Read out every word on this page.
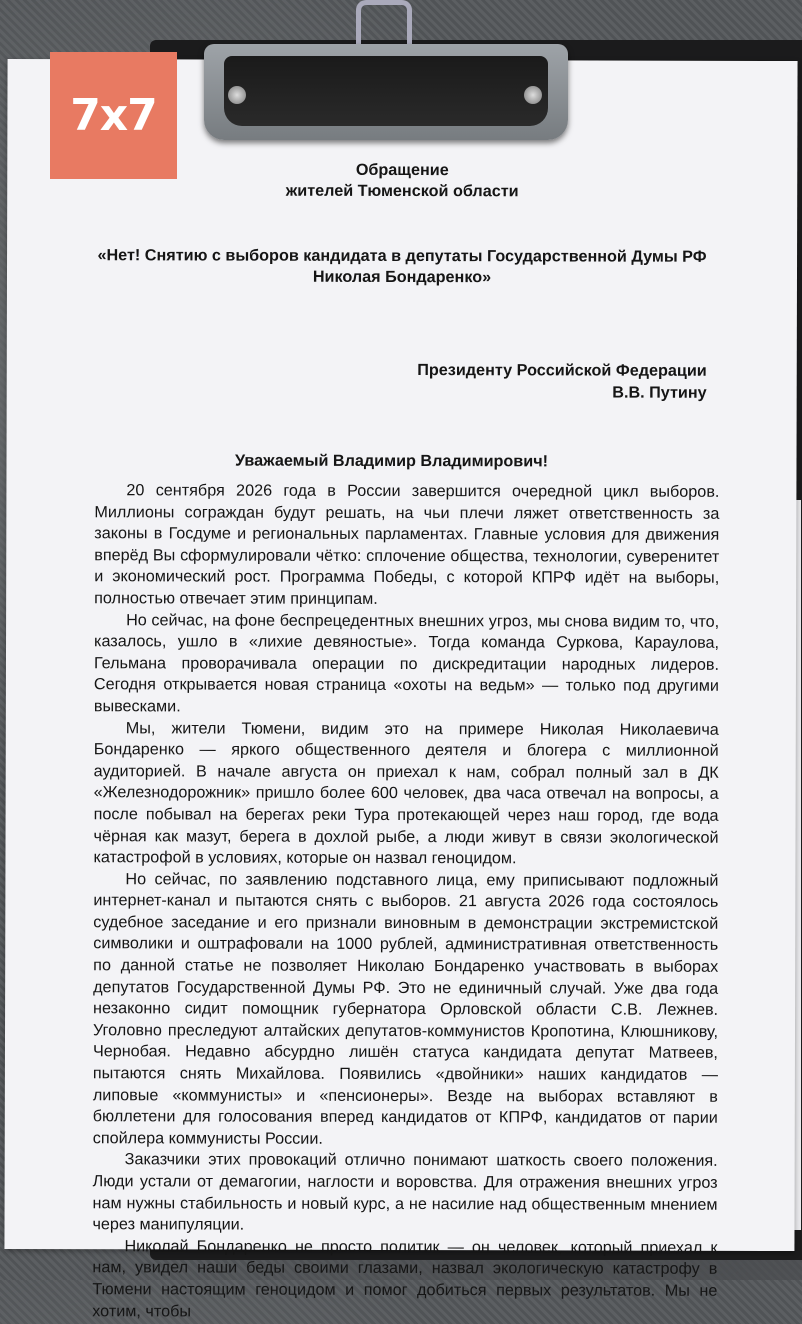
Обращение
жителей Тюменской области
«Нет! Снятию с выборов кандидата в депутаты Государственной Думы РФ
Николая Бондаренко»
Президенту Российской Федерации
В.В. Путину
Уважаемый Владимир Владимирович!

20 сентября 2026 года в России завершится очередной цикл выборов. Миллионы сограждан будут решать, на чьи плечи ляжет ответственность за законы в Госдуме и региональных парламентах. Главные условия для движения вперёд Вы сформулировали чётко: сплочение общества, технологии, суверенитет и экономический рост. Программа Победы, с которой КПРФ идёт на выборы, полностью отвечает этим принципам.

Но сейчас, на фоне беспрецедентных внешних угроз, мы снова видим то, что, казалось, ушло в «лихие девяностые». Тогда команда Суркова, Караулова, Гельмана проворачивала операции по дискредитации народных лидеров. Сегодня открывается новая страница «охоты на ведьм» — только под другими вывесками.

Мы, жители Тюмени, видим это на примере Николая Николаевича Бондаренко — яркого общественного деятеля и блогера с миллионной аудиторией. В начале августа он приехал к нам, собрал полный зал в ДК «Железнодорожник» пришло более 600 человек, два часа отвечал на вопросы, а после побывал на берегах реки Тура протекающей через наш город, где вода чёрная как мазут, берега в дохлой рыбе, а люди живут в связи экологической катастрофой в условиях, которые он назвал геноцидом.

Но сейчас, по заявлению подставного лица, ему приписывают подложный интернет-канал и пытаются снять с выборов. 21 августа 2026 года состоялось судебное заседание и его признали виновным в демонстрации экстремистской символики и оштрафовали на 1000 рублей, административная ответственность по данной статье не позволяет Николаю Бондаренко участвовать в выборах депутатов Государственной Думы РФ. Это не единичный случай. Уже два года незаконно сидит помощник губернатора Орловской области С.В. Лежнев. Уголовно преследуют алтайских депутатов-коммунистов Кропотина, Клюшникову, Чернобая. Недавно абсурдно лишён статуса кандидата депутат Матвеев, пытаются снять Михайлова. Появились «двойники» наших кандидатов — липовые «коммунисты» и «пенсионеры». Везде на выборах вставляют в бюллетени для голосования вперед кандидатов от КПРФ, кандидатов от парии спойлера коммунисты России.

Заказчики этих провокаций отлично понимают шаткость своего положения. Люди устали от демагогии, наглости и воровства. Для отражения внешних угроз нам нужны стабильность и новый курс, а не насилие над общественным мнением через манипуляции.

Николай Бондаренко не просто политик — он человек, который приехал к нам, увидел наши беды своими глазами, назвал экологическую катастрофу в Тюмени настоящим геноцидом и помог добиться первых результатов. Мы не хотим, чтобы

7x7
